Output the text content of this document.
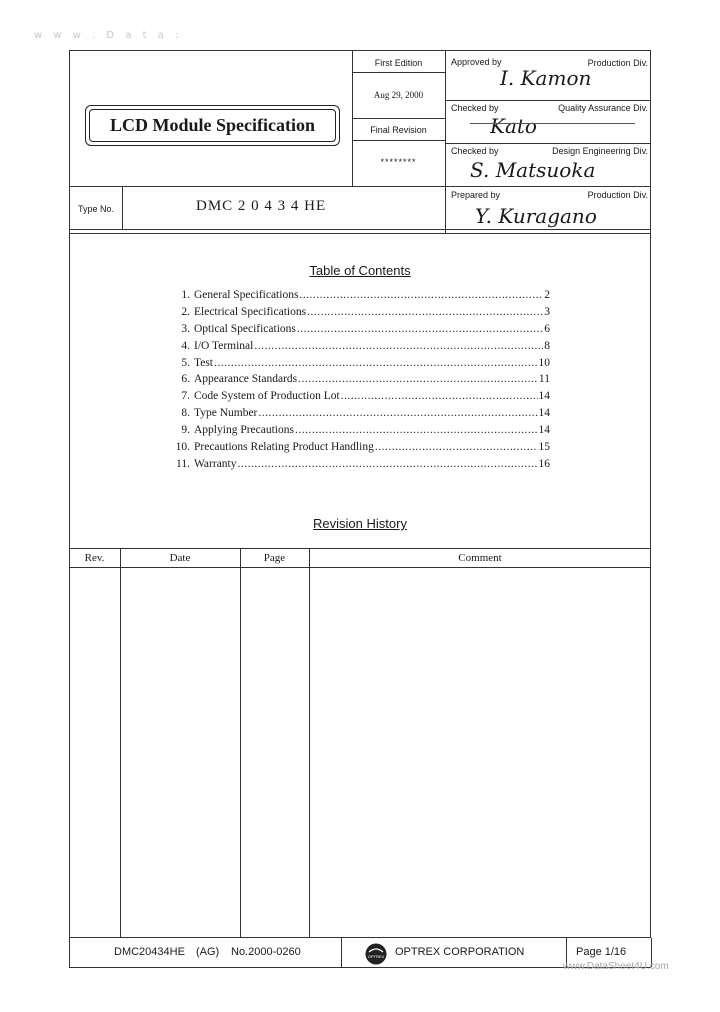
w w w . D a t a :
LCD Module Specification
First Edition
Aug 29, 2000
Final Revision
********
Approved by	Production Div.
I. Kamon
Checked by	Quality Assurance Div.
Kato
Checked by	Design Engineering Div.
S. Matsuoka
Prepared by	Production Div.
Y. Kuragano
Type No.	DMC 2 0 4 3 4 HE
Table of Contents
1. General Specifications .....	2
2. Electrical Specifications .....	3
3. Optical Specifications .....	6
4. I/O Terminal .....	8
5. Test .....	10
6. Appearance Standards .....	11
7. Code System of Production Lot .....	14
8. Type Number .....	14
9. Applying Precautions .....	14
10. Precautions Relating Product Handling .....	15
11. Warranty .....	16
Revision History
Rev.	Date	Page	Comment
DMC20434HE (AG) No.2000-0260	OPTREX OPTREX CORPORATION	Page 1/16
www.DataSheet4U.com
